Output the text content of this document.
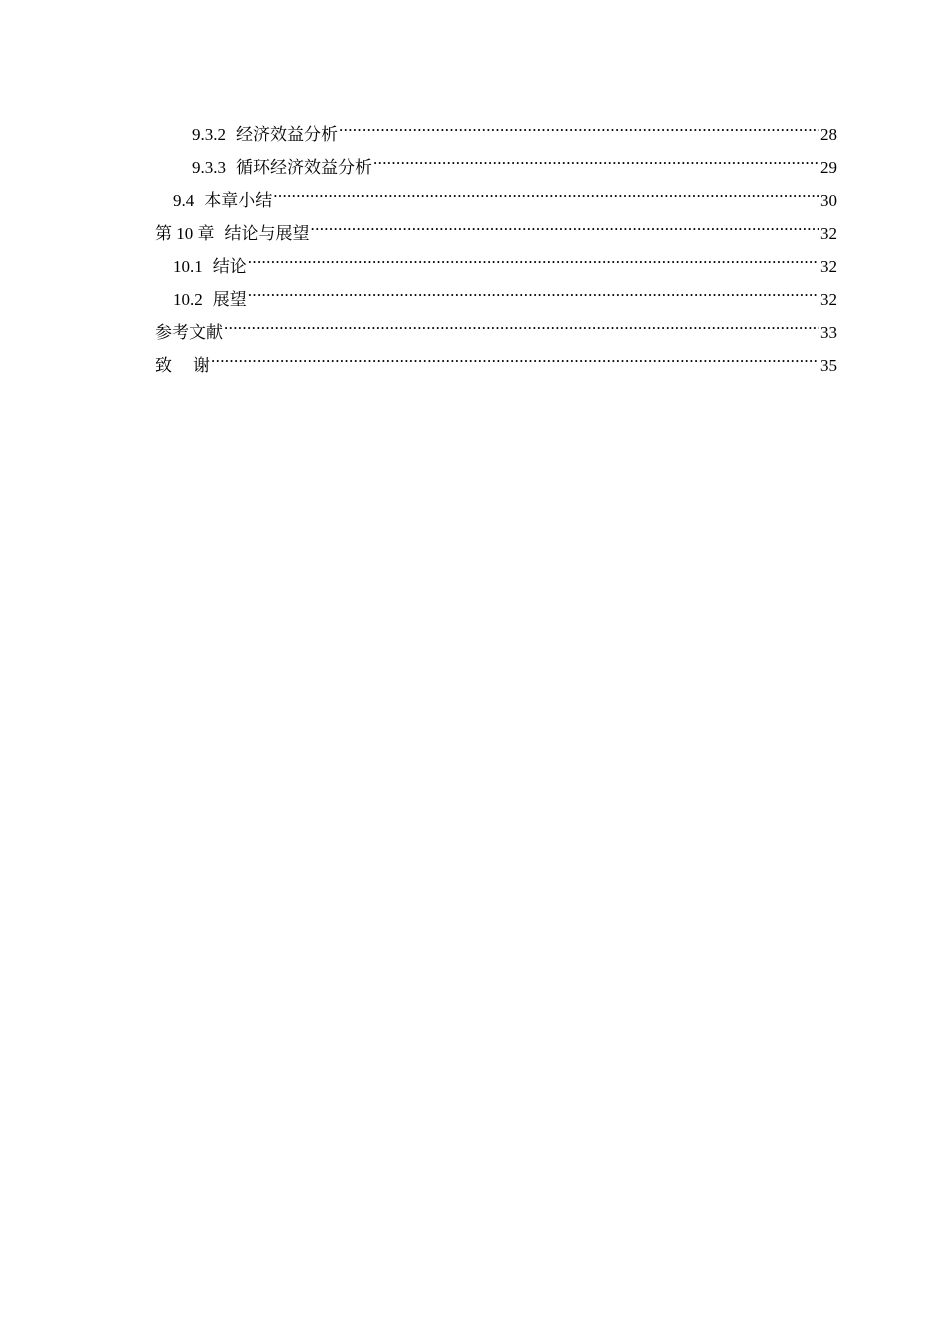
9.3.2 经济效益分析 .....	28
9.3.3 循环经济效益分析 .....	29
9.4 本章小结 .....	30
第 10 章 结论与展望 .....	32
10.1 结论 .....	32
10.2 展望 .....	32
参考文献 .....	33
致 谢 .....	35
